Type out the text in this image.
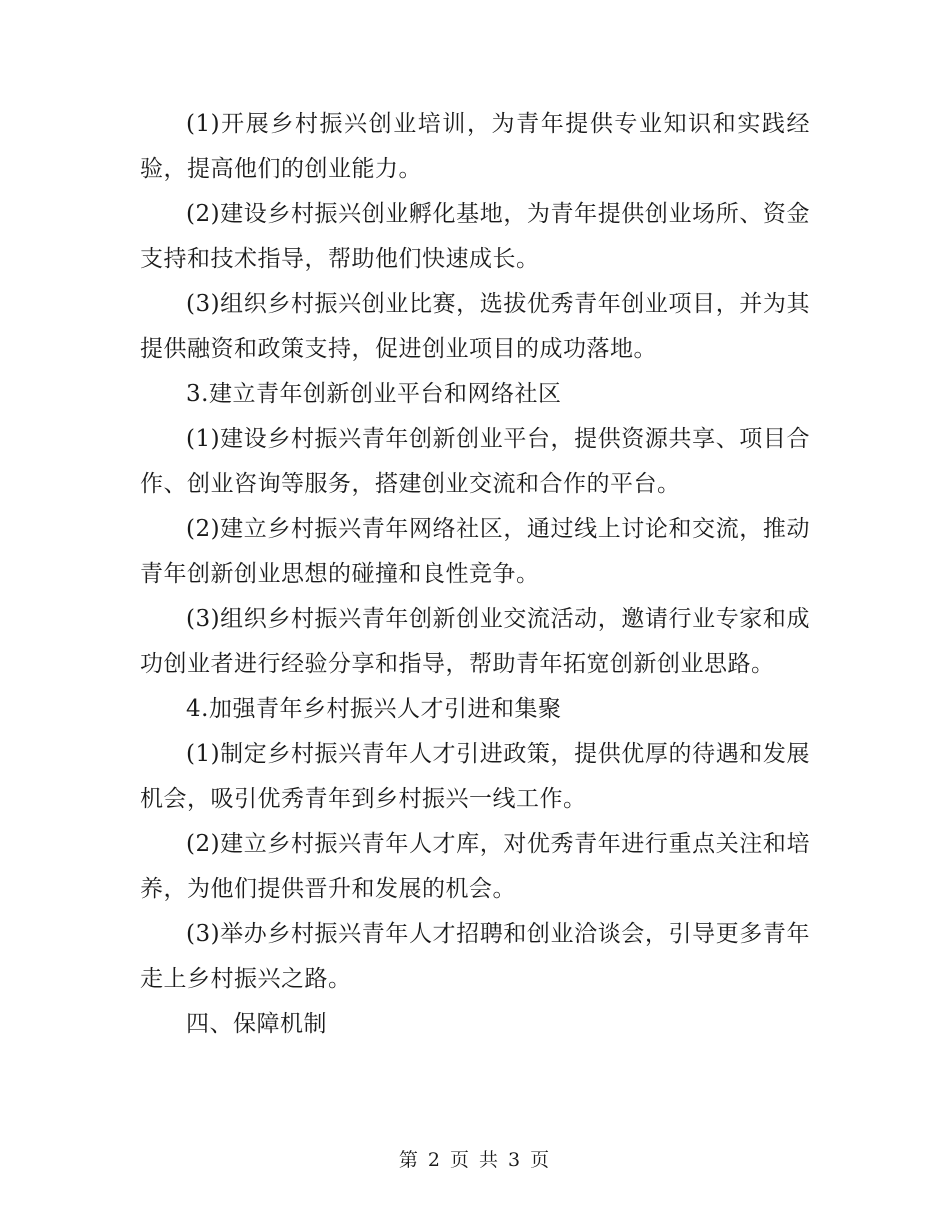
(1)开展乡村振兴创业培训，为青年提供专业知识和实践经验，提高他们的创业能力。

(2)建设乡村振兴创业孵化基地，为青年提供创业场所、资金支持和技术指导，帮助他们快速成长。

(3)组织乡村振兴创业比赛，选拔优秀青年创业项目，并为其提供融资和政策支持，促进创业项目的成功落地。

3.建立青年创新创业平台和网络社区

(1)建设乡村振兴青年创新创业平台，提供资源共享、项目合作、创业咨询等服务，搭建创业交流和合作的平台。

(2)建立乡村振兴青年网络社区，通过线上讨论和交流，推动青年创新创业思想的碰撞和良性竞争。

(3)组织乡村振兴青年创新创业交流活动，邀请行业专家和成功创业者进行经验分享和指导，帮助青年拓宽创新创业思路。

4.加强青年乡村振兴人才引进和集聚

(1)制定乡村振兴青年人才引进政策，提供优厚的待遇和发展机会，吸引优秀青年到乡村振兴一线工作。

(2)建立乡村振兴青年人才库，对优秀青年进行重点关注和培养，为他们提供晋升和发展的机会。

(3)举办乡村振兴青年人才招聘和创业洽谈会，引导更多青年走上乡村振兴之路。

四、保障机制

第 2 页 共 3 页
